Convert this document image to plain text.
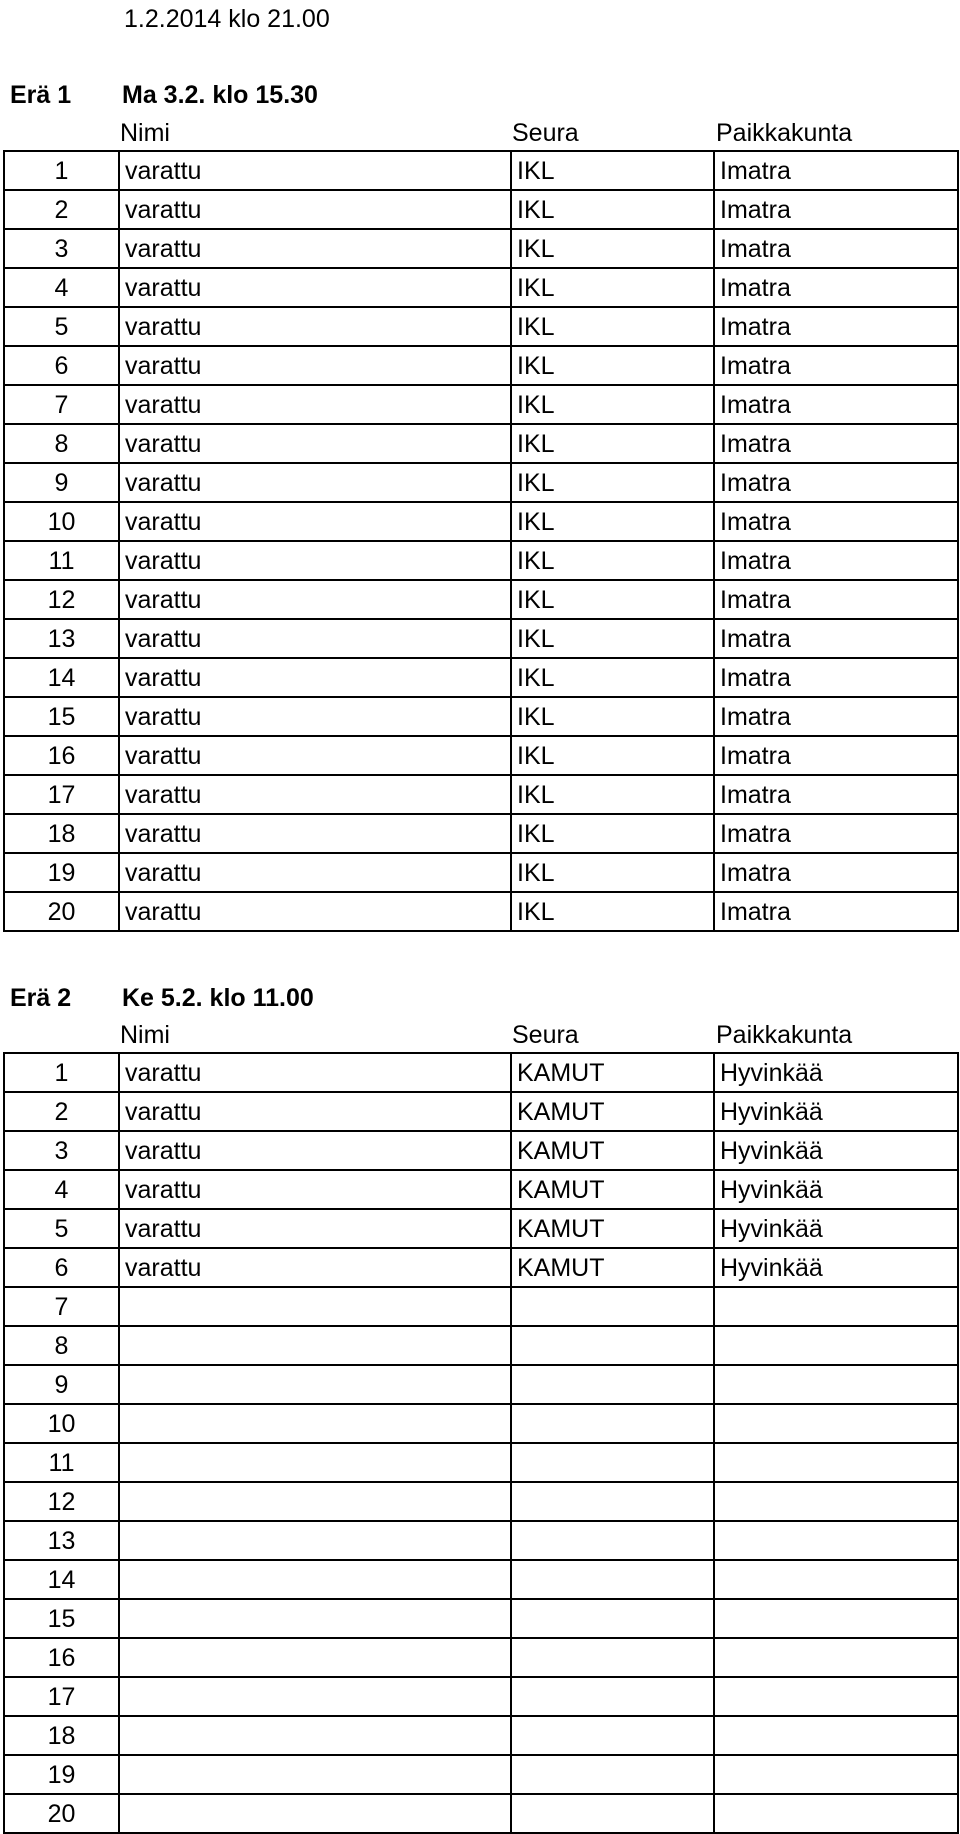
1.2.2014 klo 21.00
Erä 1 Ma 3.2. klo 15.30
Nimi	Seura	Paikkakunta
1	varattu	IKL	Imatra
2	varattu	IKL	Imatra
3	varattu	IKL	Imatra
4	varattu	IKL	Imatra
5	varattu	IKL	Imatra
6	varattu	IKL	Imatra
7	varattu	IKL	Imatra
8	varattu	IKL	Imatra
9	varattu	IKL	Imatra
10	varattu	IKL	Imatra
11	varattu	IKL	Imatra
12	varattu	IKL	Imatra
13	varattu	IKL	Imatra
14	varattu	IKL	Imatra
15	varattu	IKL	Imatra
16	varattu	IKL	Imatra
17	varattu	IKL	Imatra
18	varattu	IKL	Imatra
19	varattu	IKL	Imatra
20	varattu	IKL	Imatra
Erä 2 Ke 5.2. klo 11.00
Nimi	Seura	Paikkakunta
1	varattu	KAMUT	Hyvinkää
2	varattu	KAMUT	Hyvinkää
3	varattu	KAMUT	Hyvinkää
4	varattu	KAMUT	Hyvinkää
5	varattu	KAMUT	Hyvinkää
6	varattu	KAMUT	Hyvinkää
7			
8			
9			
10			
11			
12			
13			
14			
15			
16			
17			
18			
19			
20			
